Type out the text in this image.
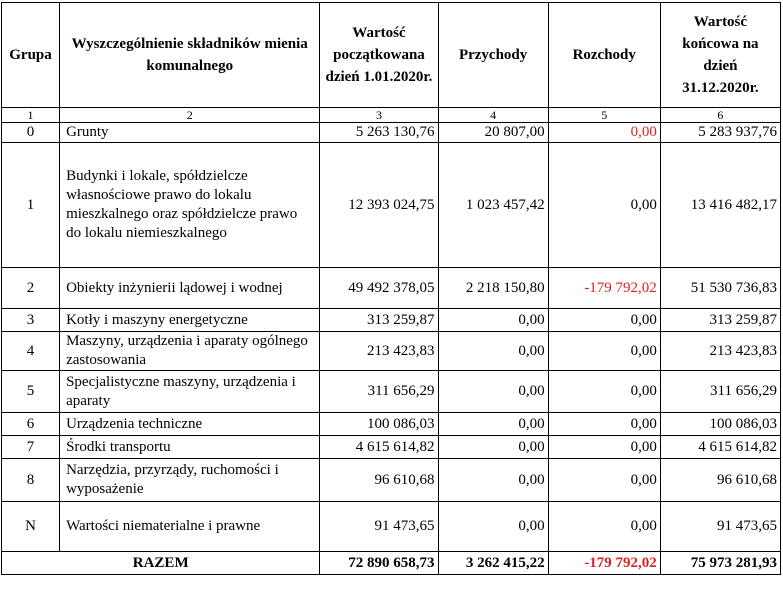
Grupa	Wyszczególnienie składników mienia komunalnego	Wartość początkowana dzień 1.01.2020r.	Przychody	Rozchody	Wartość końcowa na dzień 31.12.2020r.
1	2	3	4	5	6
0	Grunty	5 263 130,76	20 807,00	0,00	5 283 937,76
1	Budynki i lokale, spółdzielcze własnościowe prawo do lokalu mieszkalnego oraz spółdzielcze prawo do lokalu niemieszkalnego	12 393 024,75	1 023 457,42	0,00	13 416 482,17
2	Obiekty inżynierii lądowej i wodnej	49 492 378,05	2 218 150,80	-179 792,02	51 530 736,83
3	Kotły i maszyny energetyczne	313 259,87	0,00	0,00	313 259,87
4	Maszyny, urządzenia i aparaty ogólnego zastosowania	213 423,83	0,00	0,00	213 423,83
5	Specjalistyczne maszyny, urządzenia i aparaty	311 656,29	0,00	0,00	311 656,29
6	Urządzenia techniczne	100 086,03	0,00	0,00	100 086,03
7	Środki transportu	4 615 614,82	0,00	0,00	4 615 614,82
8	Narzędzia, przyrządy, ruchomości i wyposażenie	96 610,68	0,00	0,00	96 610,68
N	Wartości niematerialne i prawne	91 473,65	0,00	0,00	91 473,65
RAZEM		72 890 658,73	3 262 415,22	-179 792,02	75 973 281,93
